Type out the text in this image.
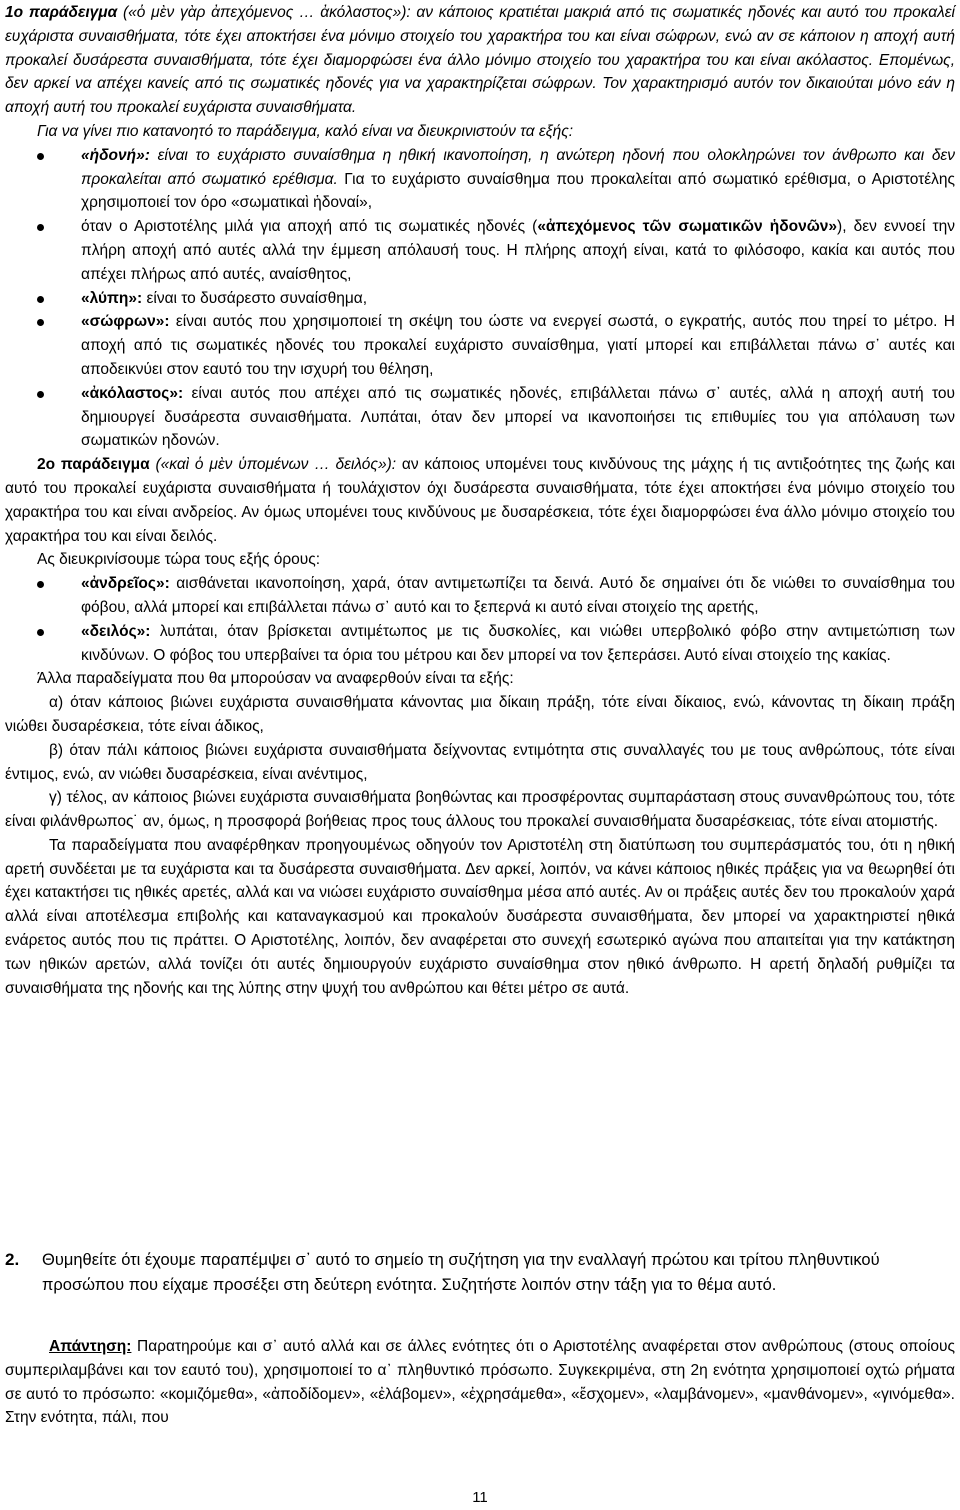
1ο παράδειγμα («ὁ μὲν γὰρ ἀπεχόμενος … ἀκόλαστος»): αν κάποιος κρατιέται μακριά από τις σωματικές ηδονές και αυτό του προκαλεί ευχάριστα συναισθήματα, τότε έχει αποκτήσει ένα μόνιμο στοιχείο του χαρακτήρα του και είναι σώφρων, ενώ αν σε κάποιον η αποχή αυτή προκαλεί δυσάρεστα συναισθήματα, τότε έχει διαμορφώσει ένα άλλο μόνιμο στοιχείο του χαρακτήρα του και είναι ακόλαστος. Επομένως, δεν αρκεί να απέχει κανείς από τις σωματικές ηδονές για να χαρακτηρίζεται σώφρων. Τον χαρακτηρισμό αυτόν τον δικαιούται μόνο εάν η αποχή αυτή του προκαλεί ευχάριστα συναισθήματα.

Για να γίνει πιο κατανοητό το παράδειγμα, καλό είναι να διευκρινιστούν τα εξής:

«ἡδονή»: είναι το ευχάριστο συναίσθημα η ηθική ικανοποίηση, η ανώτερη ηδονή που ολοκληρώνει τον άνθρωπο και δεν προκαλείται από σωματικό ερέθισμα. Για το ευχάριστο συναίσθημα που προκαλείται από σωματικό ερέθισμα, ο Αριστοτέλης χρησιμοποιεί τον όρο «σωματικαὶ ἡδοναί»,
όταν ο Αριστοτέλης μιλά για αποχή από τις σωματικές ηδονές («ἀπεχόμενος τῶν σωματικῶν ἡδονῶν»), δεν εννοεί την πλήρη αποχή από αυτές αλλά την έμμεση απόλαυσή τους. Η πλήρης αποχή είναι, κατά το φιλόσοφο, κακία και αυτός που απέχει πλήρως από αυτές, αναίσθητος,
«λύπη»: είναι το δυσάρεστο συναίσθημα,
«σώφρων»: είναι αυτός που χρησιμοποιεί τη σκέψη του ώστε να ενεργεί σωστά, ο εγκρατής, αυτός που τηρεί το μέτρο. Η αποχή από τις σωματικές ηδονές του προκαλεί ευχάριστο συναίσθημα, γιατί μπορεί και επιβάλλεται πάνω σ᾽ αυτές και αποδεικνύει στον εαυτό του την ισχυρή του θέληση,
«ἀκόλαστος»: είναι αυτός που απέχει από τις σωματικές ηδονές, επιβάλλεται πάνω σ᾽ αυτές, αλλά η αποχή αυτή του δημιουργεί δυσάρεστα συναισθήματα. Λυπάται, όταν δεν μπορεί να ικανοποιήσει τις επιθυμίες του για απόλαυση των σωματικών ηδονών.

2ο παράδειγμα («καὶ ὁ μὲν ὑπομένων … δειλός»): αν κάποιος υπομένει τους κινδύνους της μάχης ή τις αντιξοότητες της ζωής και αυτό του προκαλεί ευχάριστα συναισθήματα ή τουλάχιστον όχι δυσάρεστα συναισθήματα, τότε έχει αποκτήσει ένα μόνιμο στοιχείο του χαρακτήρα του και είναι ανδρείος. Αν όμως υπομένει τους κινδύνους με δυσαρέσκεια, τότε έχει διαμορφώσει ένα άλλο μόνιμο στοιχείο του χαρακτήρα του και είναι δειλός.

Ας διευκρινίσουμε τώρα τους εξής όρους:

«ἀνδρεῖος»: αισθάνεται ικανοποίηση, χαρά, όταν αντιμετωπίζει τα δεινά. Αυτό δε σημαίνει ότι δε νιώθει το συναίσθημα του φόβου, αλλά μπορεί και επιβάλλεται πάνω σ᾽ αυτό και το ξεπερνά κι αυτό είναι στοιχείο της αρετής,
«δειλός»: λυπάται, όταν βρίσκεται αντιμέτωπος με τις δυσκολίες, και νιώθει υπερβολικό φόβο στην αντιμετώπιση των κινδύνων. Ο φόβος του υπερβαίνει τα όρια του μέτρου και δεν μπορεί να τον ξεπεράσει. Αυτό είναι στοιχείο της κακίας.

Άλλα παραδείγματα που θα μπορούσαν να αναφερθούν είναι τα εξής:

α) όταν κάποιος βιώνει ευχάριστα συναισθήματα κάνοντας μια δίκαιη πράξη, τότε είναι δίκαιος, ενώ, κάνοντας τη δίκαιη πράξη νιώθει δυσαρέσκεια, τότε είναι άδικος,

β) όταν πάλι κάποιος βιώνει ευχάριστα συναισθήματα δείχνοντας εντιμότητα στις συναλλαγές του με τους ανθρώπους, τότε είναι έντιμος, ενώ, αν νιώθει δυσαρέσκεια, είναι ανέντιμος,

γ) τέλος, αν κάποιος βιώνει ευχάριστα συναισθήματα βοηθώντας και προσφέροντας συμπαράσταση στους συνανθρώπους του, τότε είναι φιλάνθρωπος˙ αν, όμως, η προσφορά βοήθειας προς τους άλλους του προκαλεί συναισθήματα δυσαρέσκειας, τότε είναι ατομιστής.

Τα παραδείγματα που αναφέρθηκαν προηγουμένως οδηγούν τον Αριστοτέλη στη διατύπωση του συμπεράσματός του, ότι η ηθική αρετή συνδέεται με τα ευχάριστα και τα δυσάρεστα συναισθήματα. Δεν αρκεί, λοιπόν, να κάνει κάποιος ηθικές πράξεις για να θεωρηθεί ότι έχει κατακτήσει τις ηθικές αρετές, αλλά και να νιώσει ευχάριστο συναίσθημα μέσα από αυτές. Αν οι πράξεις αυτές δεν του προκαλούν χαρά αλλά είναι αποτέλεσμα επιβολής και καταναγκασμού και προκαλούν δυσάρεστα συναισθήματα, δεν μπορεί να χαρακτηριστεί ηθικά ενάρετος αυτός που τις πράττει. Ο Αριστοτέλης, λοιπόν, δεν αναφέρεται στο συνεχή εσωτερικό αγώνα που απαιτείται για την κατάκτηση των ηθικών αρετών, αλλά τονίζει ότι αυτές δημιουργούν ευχάριστο συναίσθημα στον ηθικό άνθρωπο. Η αρετή δηλαδή ρυθμίζει τα συναισθήματα της ηδονής και της λύπης στην ψυχή του ανθρώπου και θέτει μέτρο σε αυτά.

2. Θυμηθείτε ότι έχουμε παραπέμψει σ᾽ αυτό το σημείο τη συζήτηση για την εναλλαγή πρώτου και τρίτου πληθυντικού προσώπου που είχαμε προσέξει στη δεύτερη ενότητα. Συζητήστε λοιπόν στην τάξη για το θέμα αυτό.

Απάντηση: Παρατηρούμε και σ᾽ αυτό αλλά και σε άλλες ενότητες ότι ο Αριστοτέλης αναφέρεται στον ανθρώπους (στους οποίους συμπεριλαμβάνει και τον εαυτό του), χρησιμοποιεί το α᾽ πληθυντικό πρόσωπο. Συγκεκριμένα, στη 2η ενότητα χρησιμοποιεί οχτώ ρήματα σε αυτό το πρόσωπο: «κομιζόμεθα», «ἀποδίδομεν», «ἐλάβομεν», «ἐχρησάμεθα», «ἔσχομεν», «λαμβάνομεν», «μανθάνομεν», «γινόμεθα». Στην ενότητα, πάλι, που

11
